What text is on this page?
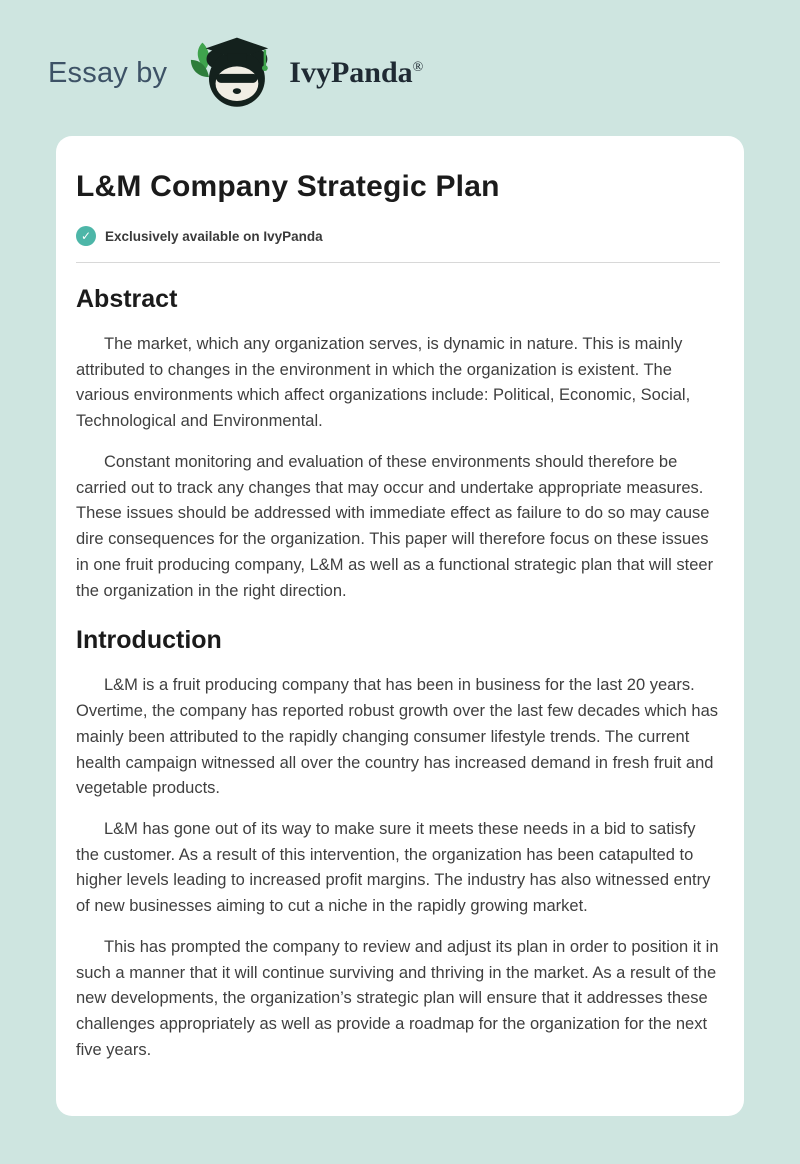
Essay by	IvyPanda®
L&M Company Strategic Plan
✓	Exclusively available on IvyPanda
Abstract

The market, which any organization serves, is dynamic in nature. This is mainly attributed to changes in the environment in which the organization is existent. The various environments which affect organizations include: Political, Economic, Social, Technological and Environmental.

Constant monitoring and evaluation of these environments should therefore be carried out to track any changes that may occur and undertake appropriate measures. These issues should be addressed with immediate effect as failure to do so may cause dire consequences for the organization. This paper will therefore focus on these issues in one fruit producing company, L&M as well as a functional strategic plan that will steer the organization in the right direction.

Introduction

L&M is a fruit producing company that has been in business for the last 20 years. Overtime, the company has reported robust growth over the last few decades which has mainly been attributed to the rapidly changing consumer lifestyle trends. The current health campaign witnessed all over the country has increased demand in fresh fruit and vegetable products.

L&M has gone out of its way to make sure it meets these needs in a bid to satisfy the customer. As a result of this intervention, the organization has been catapulted to higher levels leading to increased profit margins. The industry has also witnessed entry of new businesses aiming to cut a niche in the rapidly growing market.

This has prompted the company to review and adjust its plan in order to position it in such a manner that it will continue surviving and thriving in the market. As a result of the new developments, the organization’s strategic plan will ensure that it addresses these challenges appropriately as well as provide a roadmap for the organization for the next five years.
